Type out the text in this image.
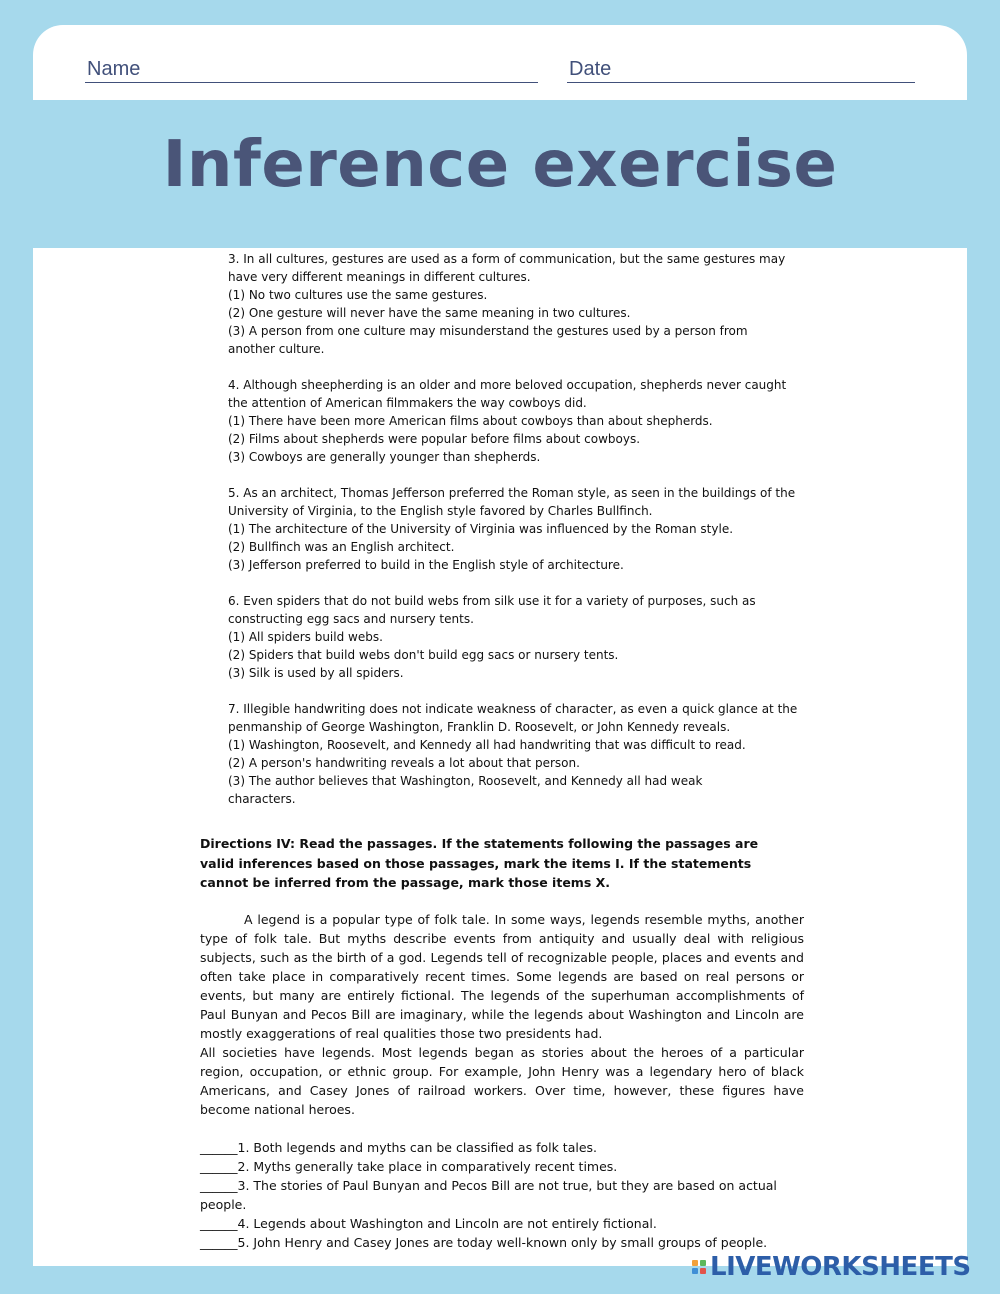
Name	Date
Inference exercise

3. In all cultures, gestures are used as a form of communication, but the same gestures may have very different meanings in different cultures.

(1) No two cultures use the same gestures.

(2) One gesture will never have the same meaning in two cultures.

(3) A person from one culture may misunderstand the gestures used by a person from

another culture.

4. Although sheepherding is an older and more beloved occupation, shepherds never caught the attention of American filmmakers the way cowboys did.

(1) There have been more American films about cowboys than about shepherds.

(2) Films about shepherds were popular before films about cowboys.

(3) Cowboys are generally younger than shepherds.

5. As an architect, Thomas Jefferson preferred the Roman style, as seen in the buildings of the University of Virginia, to the English style favored by Charles Bullfinch.

(1) The architecture of the University of Virginia was influenced by the Roman style.

(2) Bullfinch was an English architect.

(3) Jefferson preferred to build in the English style of architecture.

6. Even spiders that do not build webs from silk use it for a variety of purposes, such as constructing egg sacs and nursery tents.

(1) All spiders build webs.

(2) Spiders that build webs don't build egg sacs or nursery tents.

(3) Silk is used by all spiders.

7. Illegible handwriting does not indicate weakness of character, as even a quick glance at the penmanship of George Washington, Franklin D. Roosevelt, or John Kennedy reveals.

(1) Washington, Roosevelt, and Kennedy all had handwriting that was difficult to read.

(2) A person's handwriting reveals a lot about that person.

(3) The author believes that Washington, Roosevelt, and Kennedy all had weak

characters.

Directions IV: Read the passages. If the statements following the passages are valid inferences based on those passages, mark the items I. If the statements cannot be inferred from the passage, mark those items X.

A legend is a popular type of folk tale. In some ways, legends resemble myths, another type of folk tale. But myths describe events from antiquity and usually deal with religious subjects, such as the birth of a god. Legends tell of recognizable people, places and events and often take place in comparatively recent times. Some legends are based on real persons or events, but many are entirely fictional. The legends of the superhuman accomplishments of Paul Bunyan and Pecos Bill are imaginary, while the legends about Washington and Lincoln are mostly exaggerations of real qualities those two presidents had.

All societies have legends. Most legends began as stories about the heroes of a particular region, occupation, or ethnic group. For example, John Henry was a legendary hero of black Americans, and Casey Jones of railroad workers. Over time, however, these figures have become national heroes.

______1. Both legends and myths can be classified as folk tales.

______2. Myths generally take place in comparatively recent times.

______3. The stories of Paul Bunyan and Pecos Bill are not true, but they are based on actual people.

______4. Legends about Washington and Lincoln are not entirely fictional.

______5. John Henry and Casey Jones are today well-known only by small groups of people.

LIVEWORKSHEETS
